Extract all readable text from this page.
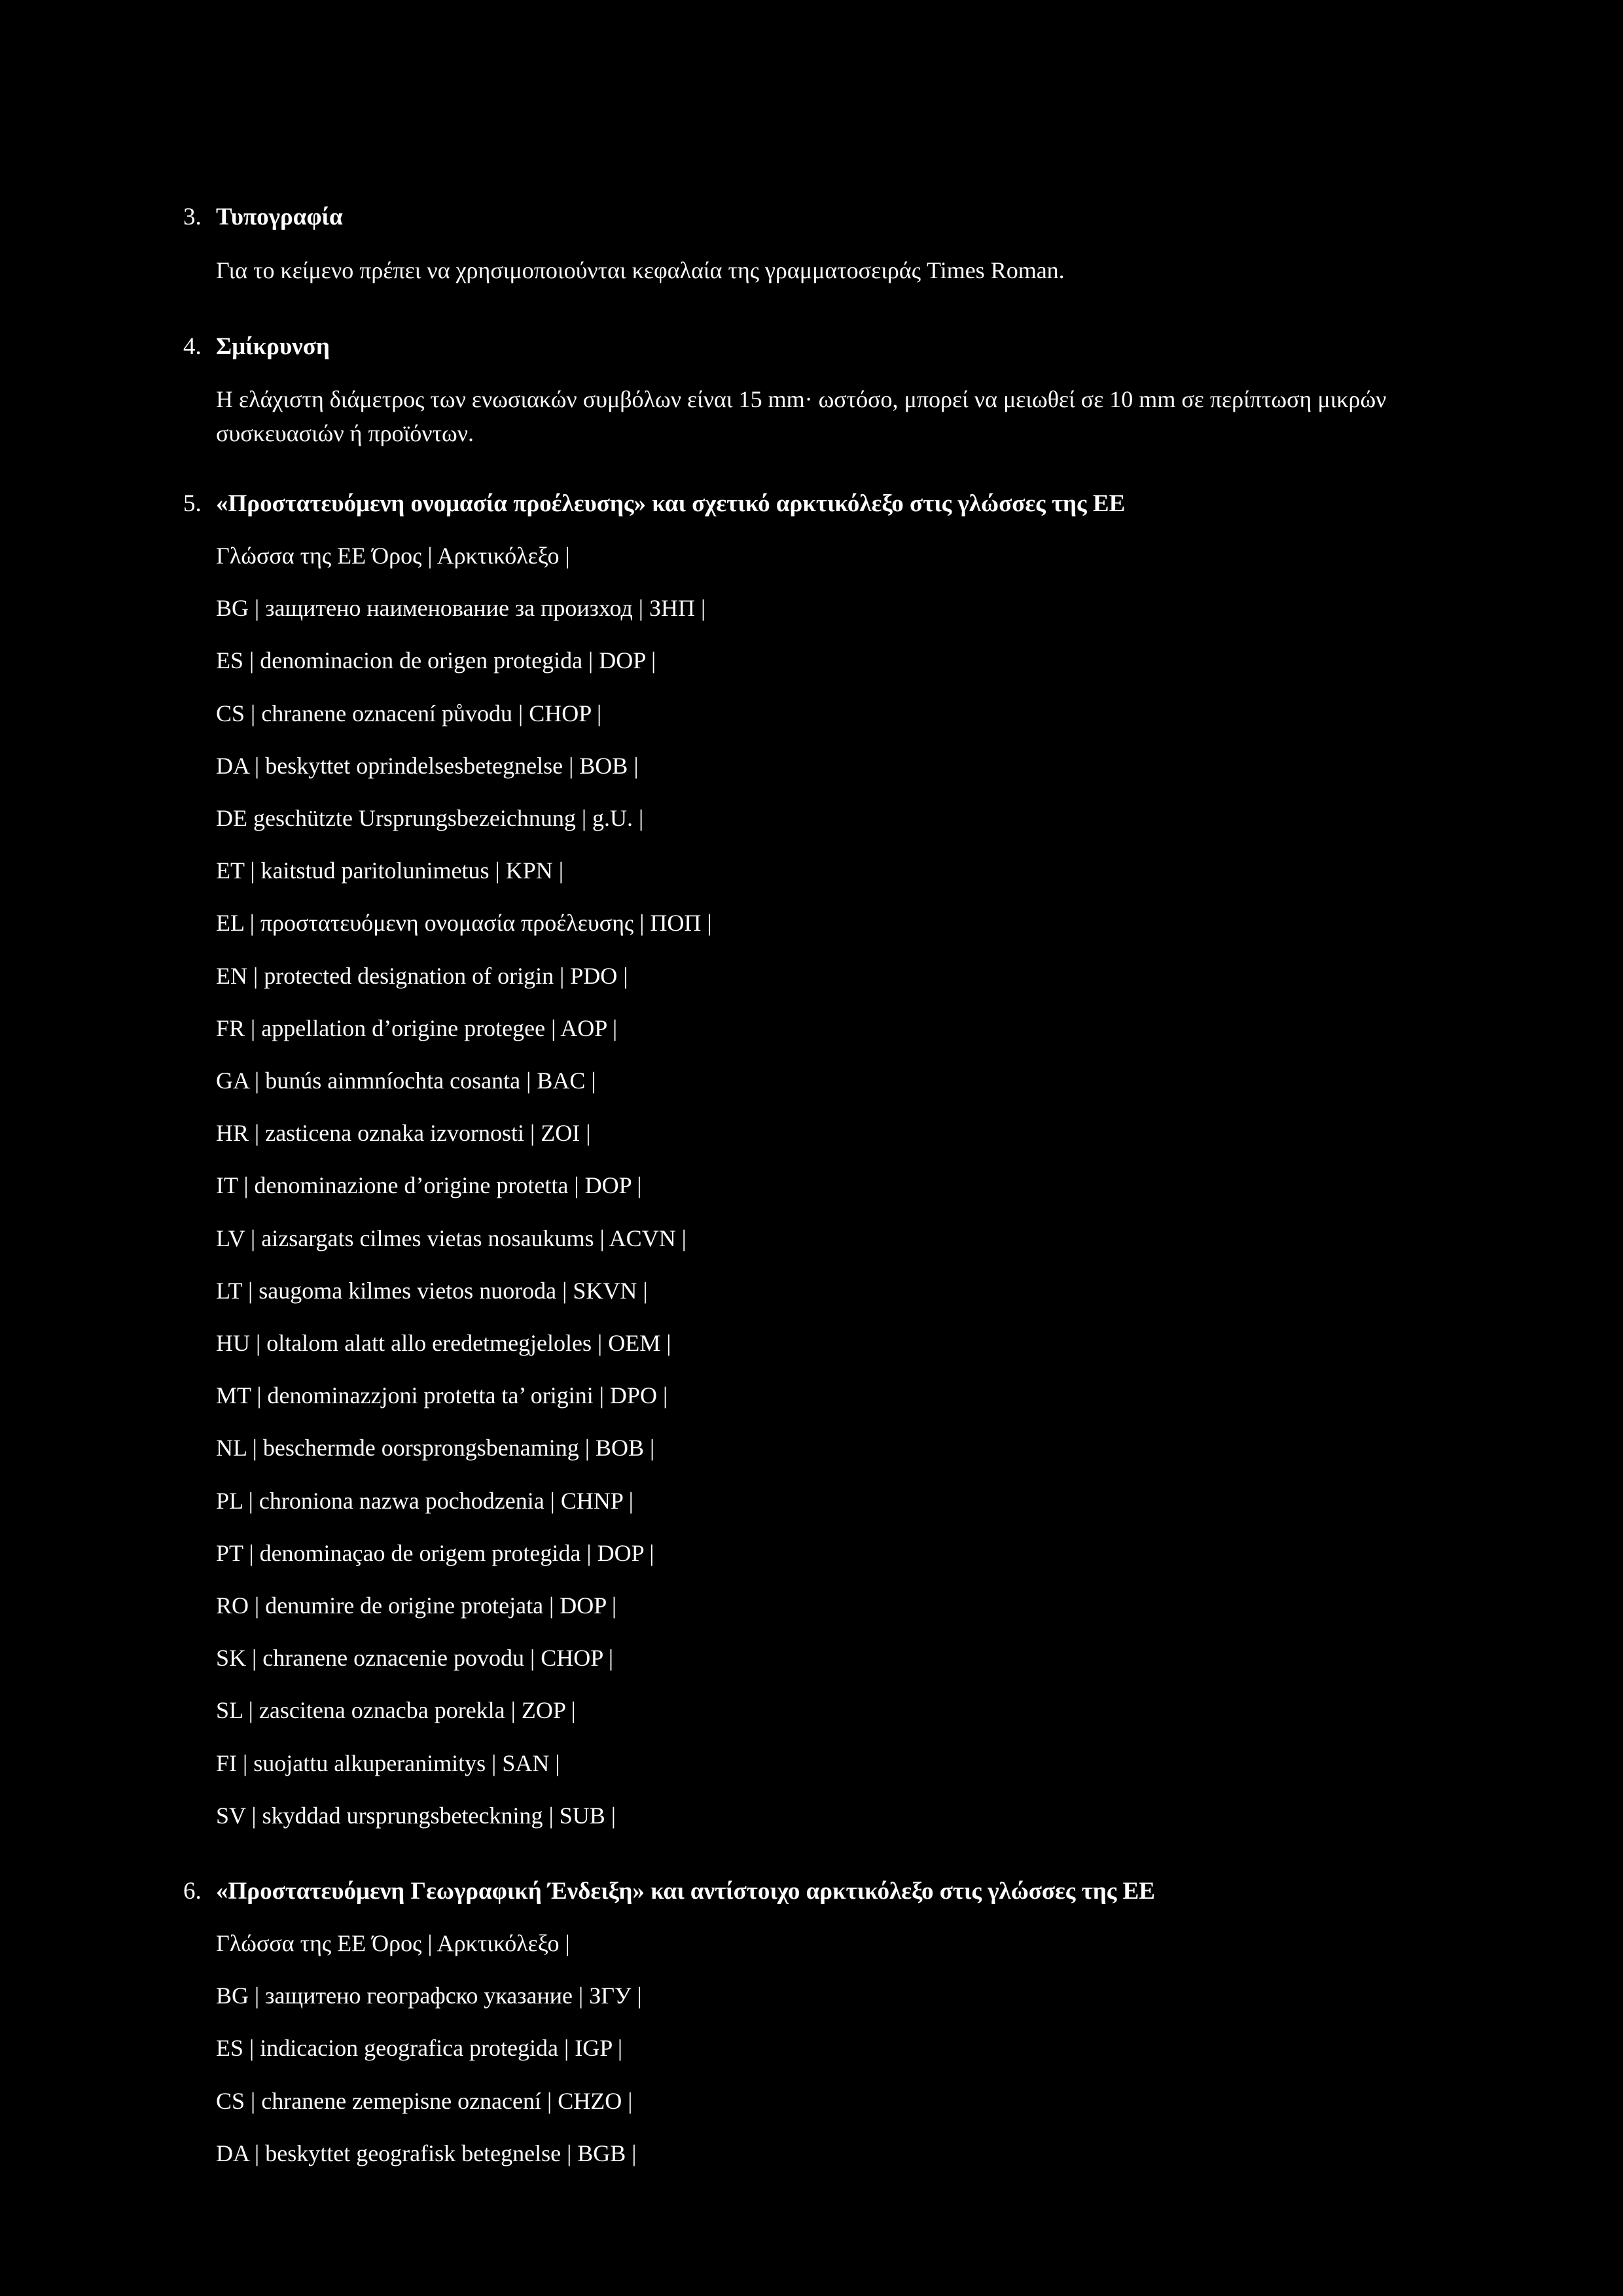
3. Τυπογραφία
Για το κείμενο πρέπει να χρησιμοποιούνται κεφαλαία της γραμματοσειράς Times Roman.
4. Σμίκρυνση
Η ελάχιστη διάμετρος των ενωσιακών συμβόλων είναι 15 mm· ωστόσο, μπορεί να μειωθεί σε 10 mm σε περίπτωση μικρών συσκευασιών ή προϊόντων.
5. «Προστατευόμενη ονομασία προέλευσης» και σχετικό αρκτικόλεξο στις γλώσσες της ΕΕ
Γλώσσα της ΕΕ Όρος | Αρκτικόλεξο |
BG | защитено наименование за произход | ЗНП |
ES | denominacion de origen protegida | DOP |
CS | chranene oznacení původu | CHOP |
DA | beskyttet oprindelsesbetegnelse | BOB |
DE geschützte Ursprungsbezeichnung | g.U. |
ET | kaitstud paritolunimetus | KPN |
EL | προστατευόμενη ονομασία προέλευσης | ΠΟΠ |
EN | protected designation of origin | PDO |
FR | appellation d’origine protegee | AOP |
GA | bunús ainmníochta cosanta | BAC |
HR | zasticena oznaka izvornosti | ZOI |
IT | denominazione d’origine protetta | DOP |
LV | aizsargats cilmes vietas nosaukums | ACVN |
LT | saugoma kilmes vietos nuoroda | SKVN |
HU | oltalom alatt allo eredetmegjeloles | OEM |
MT | denominazzjoni protetta ta’ origini | DPO |
NL | beschermde oorsprongsbenaming | BOB |
PL | chroniona nazwa pochodzenia | CHNP |
PT | denominaçao de origem protegida | DOP |
RO | denumire de origine protejata | DOP |
SK | chranene oznacenie povodu | CHOP |
SL | zascitena oznacba porekla | ZOP |
FI | suojattu alkuperanimitys | SAN |
SV | skyddad ursprungsbeteckning | SUB |
6. «Προστατευόμενη Γεωγραφική Ένδειξη» και αντίστοιχο αρκτικόλεξο στις γλώσσες της ΕΕ
Γλώσσα της ΕΕ Όρος | Αρκτικόλεξο |
BG | защитено географско указание | ЗГУ |
ES | indicacion geografica protegida | IGP |
CS | chranene zemepisne oznacení | CHZO |
DA | beskyttet geografisk betegnelse | BGB |
